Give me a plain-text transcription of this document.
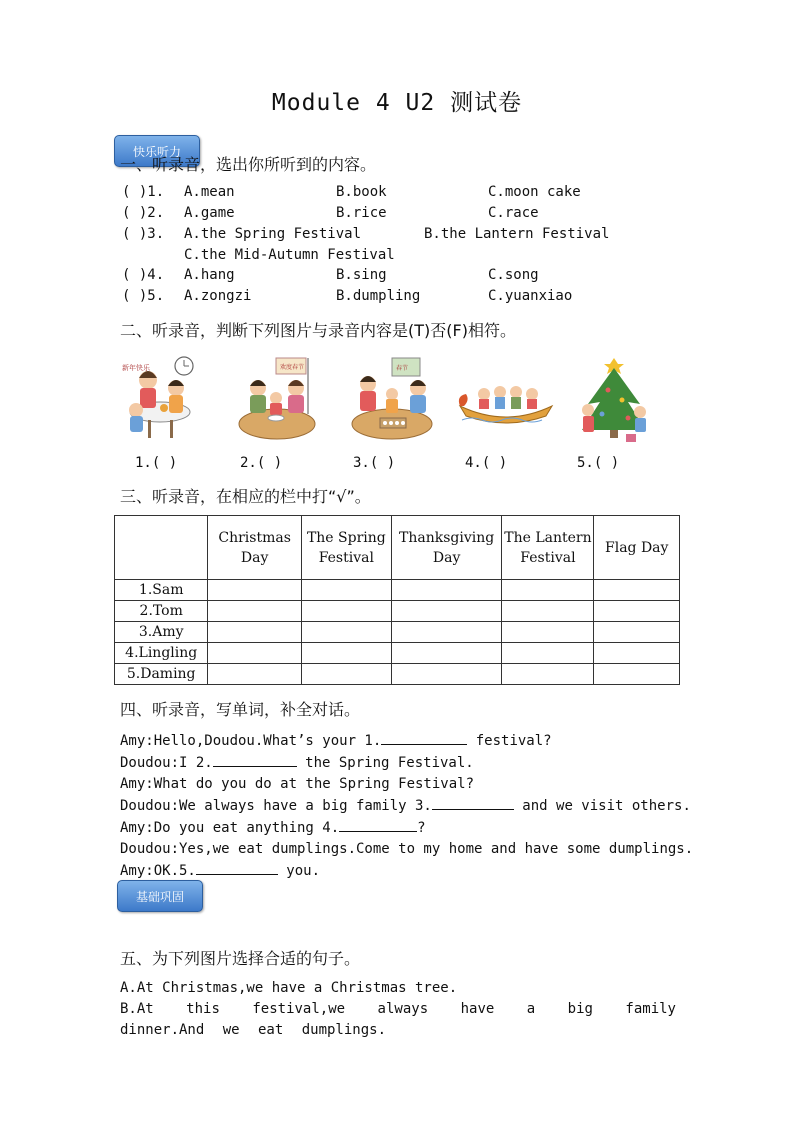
Module 4 U2 测试卷
快乐听力
一、听录音，选出你所听到的内容。
( )1. A.mean	B.book	C.moon cake
( )2. A.game	B.rice	C.race
( )3. A.the Spring Festival	B.the Lantern Festival
C.the Mid-Autumn Festival
( )4. A.hang	B.sing	C.song
( )5. A.zongzi	B.dumpling	C.yuanxiao
二、听录音，判断下列图片与录音内容是(T)否(F)相符。
新年快乐	欢度春节	春节
1.( )	2.( )	3.( )	4.( )	5.( )
三、听录音，在相应的栏中打“√”。
	Christmas Day	The Spring Festival	Thanksgiving Day	The Lantern Festival	Flag Day
1.Sam					
2.Tom					
3.Amy					
4.Lingling					
5.Daming					
四、听录音，写单词，补全对话。
Amy:Hello,Doudou.What’s your 1.	festival?
Doudou:I 2.	the Spring Festival.
Amy:What do you do at the Spring Festival?
Doudou:We always have a big family 3.	and we visit others.
Amy:Do you eat anything 4.	?
Doudou:Yes,we eat dumplings.Come to my home and have some dumplings.
Amy:OK.5.	you.
基础巩固
五、为下列图片选择合适的句子。
A.At Christmas,we have a Christmas tree.
B.At this festival,we always have a big family dinner.And we eat dumplings.
